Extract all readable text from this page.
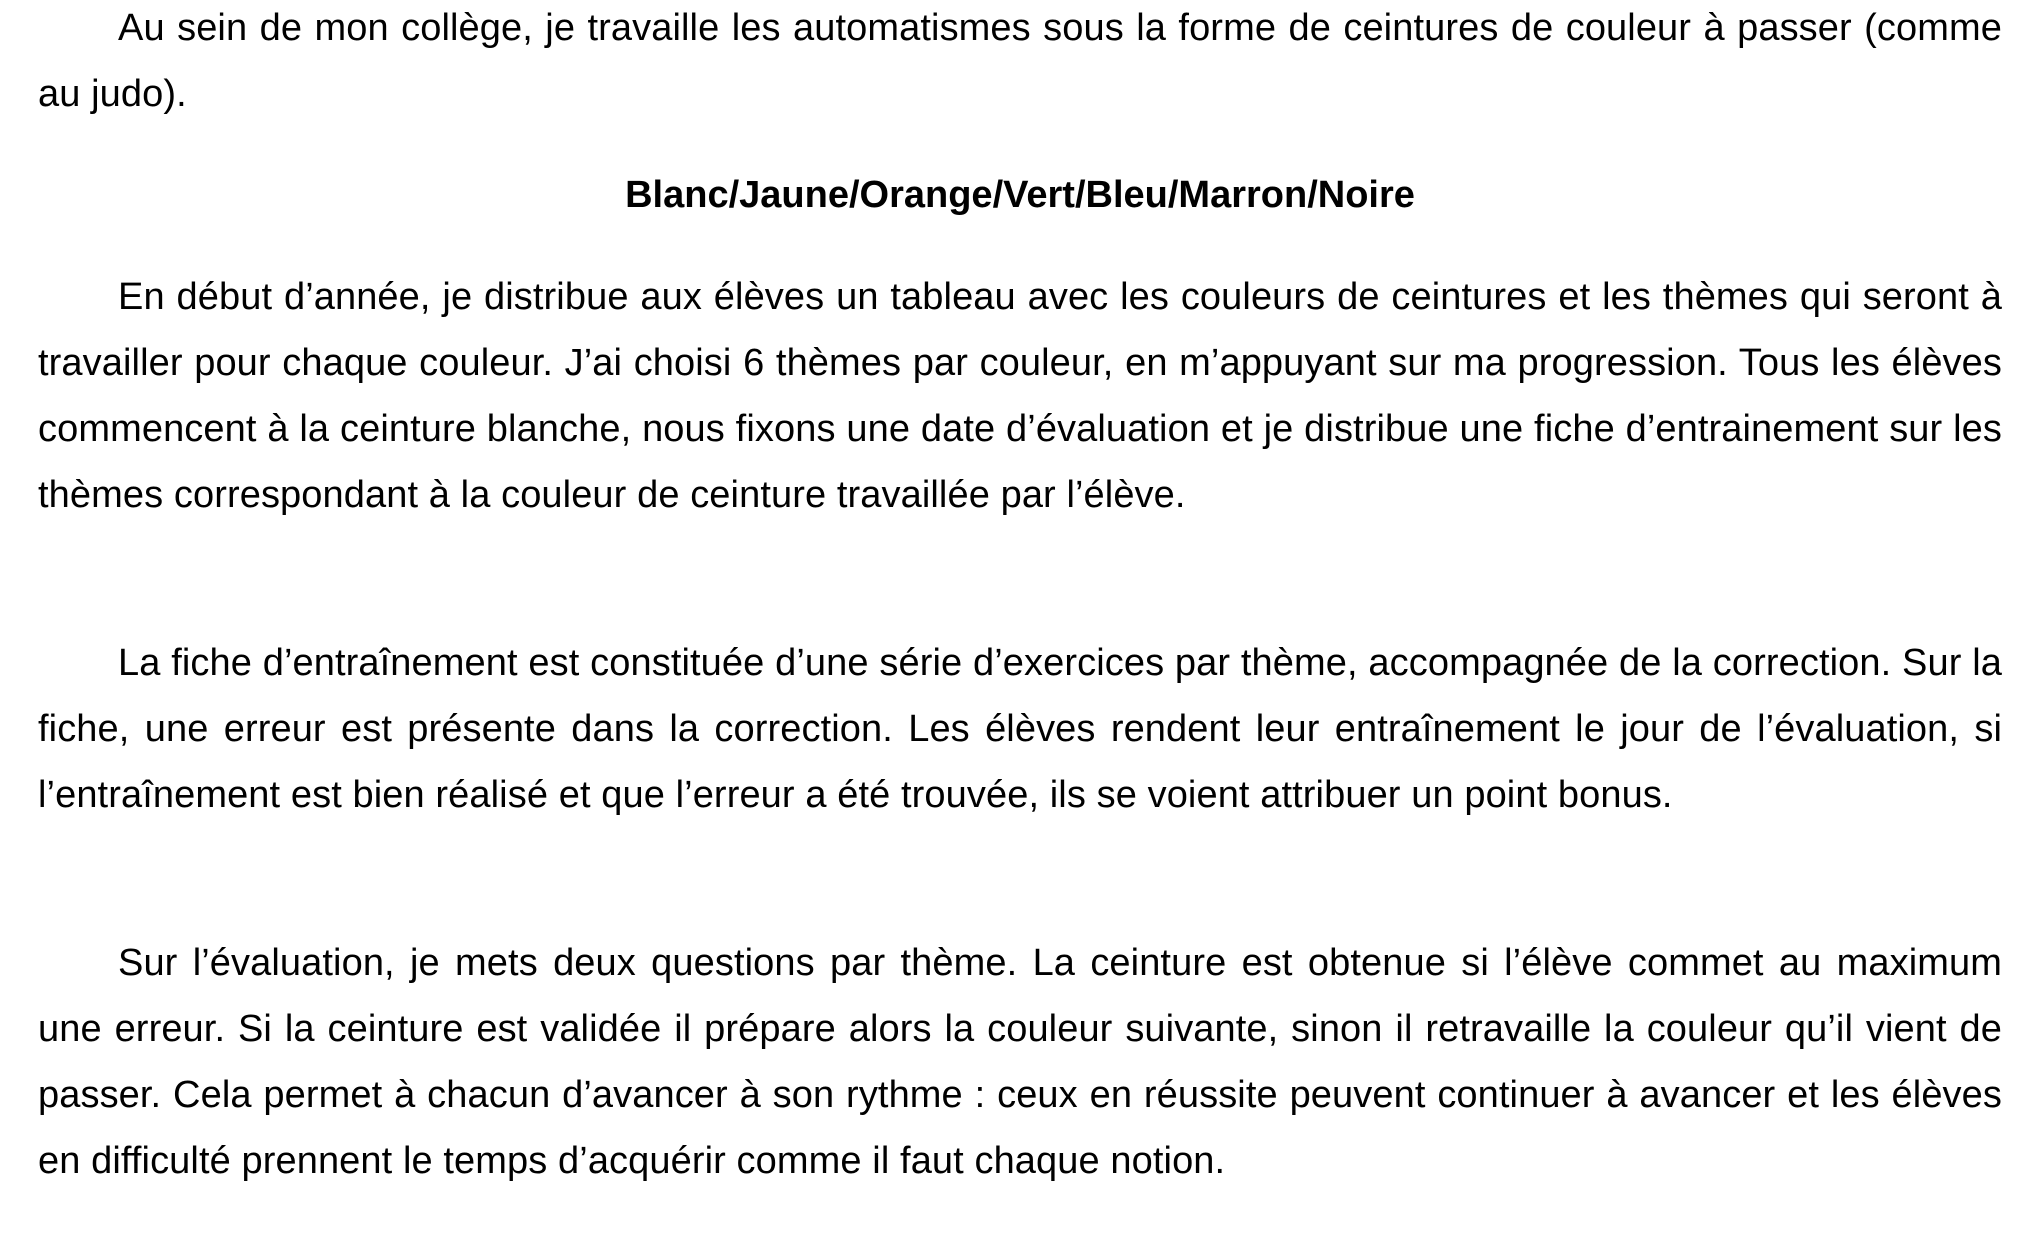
Au sein de mon collège, je travaille les automatismes sous la forme de ceintures de couleur à passer (comme au judo).

Blanc/Jaune/Orange/Vert/Bleu/Marron/Noire

En début d’année, je distribue aux élèves un tableau avec les couleurs de ceintures et les thèmes qui seront à travailler pour chaque couleur. J’ai choisi 6 thèmes par couleur, en m’appuyant sur ma progression. Tous les élèves commencent à la ceinture blanche, nous fixons une date d’évaluation et je distribue une fiche d’entrainement sur les thèmes correspondant à la couleur de ceinture travaillée par l’élève.

La fiche d’entraînement est constituée d’une série d’exercices par thème, accompagnée de la correction. Sur la fiche, une erreur est présente dans la correction. Les élèves rendent leur entraînement le jour de l’évaluation, si l’entraînement est bien réalisé et que l’erreur a été trouvée, ils se voient attribuer un point bonus.

Sur l’évaluation, je mets deux questions par thème. La ceinture est obtenue si l’élève commet au maximum une erreur. Si la ceinture est validée il prépare alors la couleur suivante, sinon il retravaille la couleur qu’il vient de passer. Cela permet à chacun d’avancer à son rythme : ceux en réussite peuvent continuer à avancer et les élèves en difficulté prennent le temps d’acquérir comme il faut chaque notion.
